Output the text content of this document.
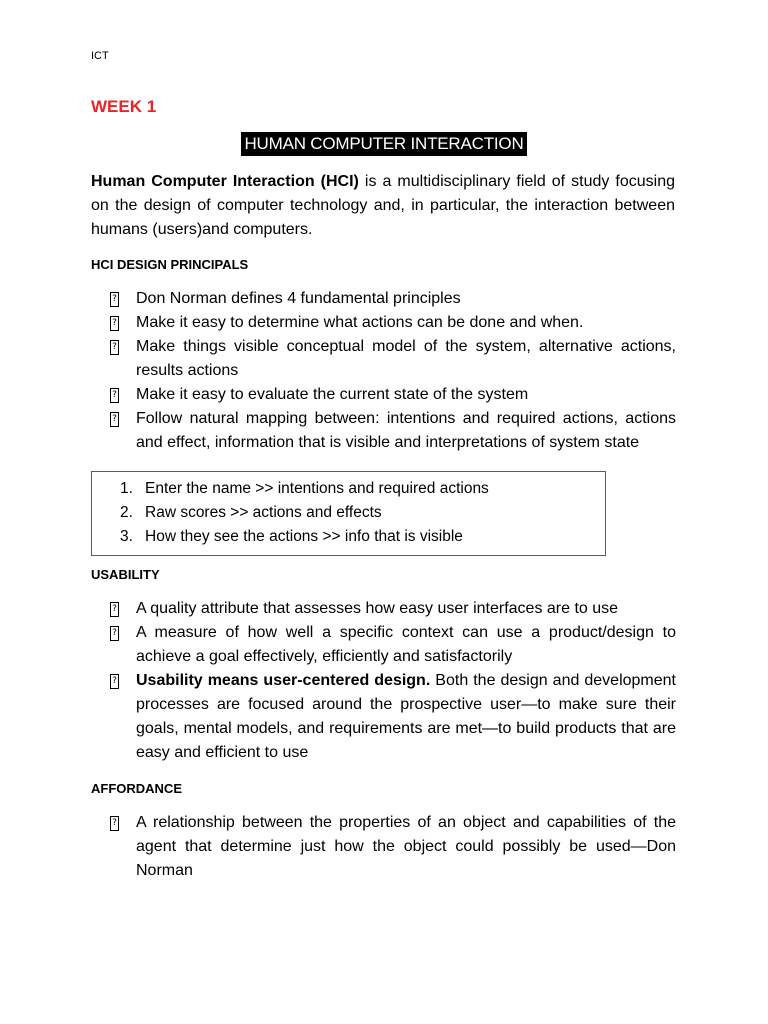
ICT
WEEK 1
HUMAN COMPUTER INTERACTION
Human Computer Interaction (HCI) is a multidisciplinary field of study focusing on the design of computer technology and, in particular, the interaction between humans (users)and computers.
HCI DESIGN PRINCIPALS
? Don Norman defines 4 fundamental principles
? Make it easy to determine what actions can be done and when.
? Make things visible conceptual model of the system, alternative actions, results actions
? Make it easy to evaluate the current state of the system
? Follow natural mapping between: intentions and required actions, actions and effect, information that is visible and interpretations of system state
1. Enter the name >> intentions and required actions
2. Raw scores >> actions and effects
3. How they see the actions >> info that is visible
USABILITY
? A quality attribute that assesses how easy user interfaces are to use
? A measure of how well a specific context can use a product/design to achieve a goal effectively, efficiently and satisfactorily
? Usability means user-centered design. Both the design and development processes are focused around the prospective user—to make sure their goals, mental models, and requirements are met—to build products that are easy and efficient to use
AFFORDANCE
? A relationship between the properties of an object and capabilities of the agent that determine just how the object could possibly be used—Don Norman
